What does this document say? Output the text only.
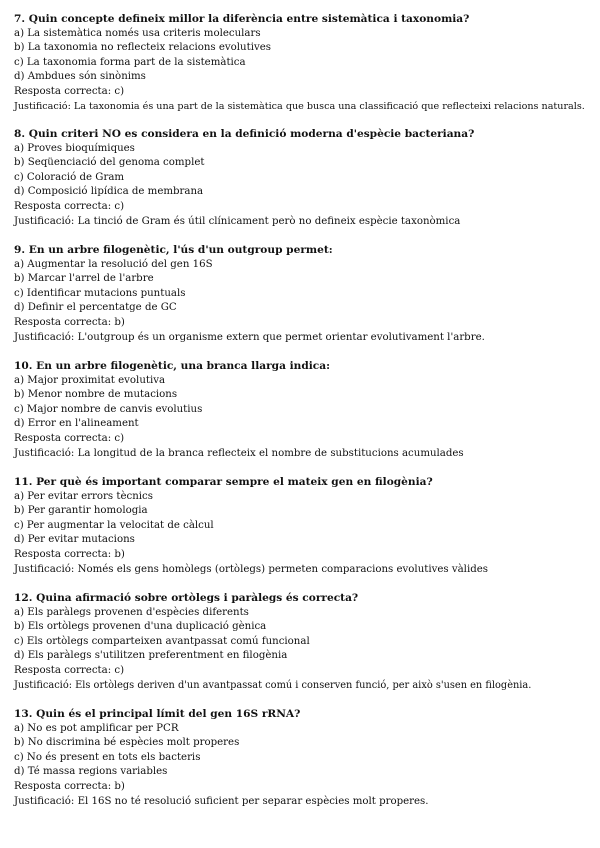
7. Quin concepte defineix millor la diferència entre sistemàtica i taxonomia?
a) La sistemàtica només usa criteris moleculars
b) La taxonomia no reflecteix relacions evolutives
c) La taxonomia forma part de la sistemàtica
d) Ambdues són sinònims
Resposta correcta: c)
Justificació: La taxonomia és una part de la sistemàtica que busca una classificació que reflecteixi relacions naturals.
8. Quin criteri NO es considera en la definició moderna d'espècie bacteriana?
a) Proves bioquímiques
b) Seqüenciació del genoma complet
c) Coloració de Gram
d) Composició lipídica de membrana
Resposta correcta: c)
Justificació: La tinció de Gram és útil clínicament però no defineix espècie taxonòmica
9. En un arbre filogenètic, l'ús d'un outgroup permet:
a) Augmentar la resolució del gen 16S
b) Marcar l'arrel de l'arbre
c) Identificar mutacions puntuals
d) Definir el percentatge de GC
Resposta correcta: b)
Justificació: L'outgroup és un organisme extern que permet orientar evolutivament l'arbre.
10. En un arbre filogenètic, una branca llarga indica:
a) Major proximitat evolutiva
b) Menor nombre de mutacions
c) Major nombre de canvis evolutius
d) Error en l'alineament
Resposta correcta: c)
Justificació: La longitud de la branca reflecteix el nombre de substitucions acumulades
11. Per què és important comparar sempre el mateix gen en filogènia?
a) Per evitar errors tècnics
b) Per garantir homologia
c) Per augmentar la velocitat de càlcul
d) Per evitar mutacions
Resposta correcta: b)
Justificació: Només els gens homòlegs (ortòlegs) permeten comparacions evolutives vàlides
12. Quina afirmació sobre ortòlegs i paràlegs és correcta?
a) Els paràlegs provenen d'espècies diferents
b) Els ortòlegs provenen d'una duplicació gènica
c) Els ortòlegs comparteixen avantpassat comú funcional
d) Els paràlegs s'utilitzen preferentment en filogènia
Resposta correcta: c)
Justificació: Els ortòlegs deriven d'un avantpassat comú i conserven funció, per això s'usen en filogènia.
13. Quin és el principal límit del gen 16S rRNA?
a) No es pot amplificar per PCR
b) No discrimina bé espècies molt properes
c) No és present en tots els bacteris
d) Té massa regions variables
Resposta correcta: b)
Justificació: El 16S no té resolució suficient per separar espècies molt properes.
